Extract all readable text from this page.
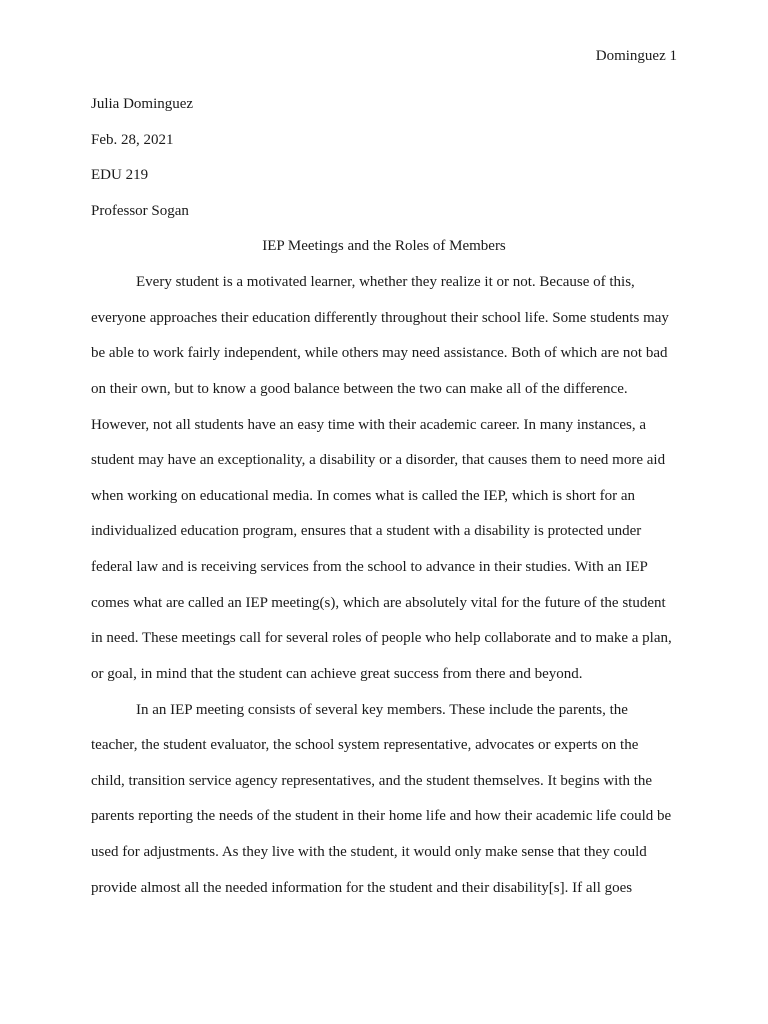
Dominguez 1
Julia Dominguez
Feb. 28, 2021
EDU 219
Professor Sogan
IEP Meetings and the Roles of Members
Every student is a motivated learner, whether they realize it or not. Because of this,
everyone approaches their education differently throughout their school life. Some students may
be able to work fairly independent, while others may need assistance. Both of which are not bad
on their own, but to know a good balance between the two can make all of the difference.
However, not all students have an easy time with their academic career. In many instances, a
student may have an exceptionality, a disability or a disorder, that causes them to need more aid
when working on educational media. In comes what is called the IEP, which is short for an
individualized education program, ensures that a student with a disability is protected under
federal law and is receiving services from the school to advance in their studies. With an IEP
comes what are called an IEP meeting(s), which are absolutely vital for the future of the student
in need. These meetings call for several roles of people who help collaborate and to make a plan,
or goal, in mind that the student can achieve great success from there and beyond.
In an IEP meeting consists of several key members. These include the parents, the
teacher, the student evaluator, the school system representative, advocates or experts on the
child, transition service agency representatives, and the student themselves. It begins with the
parents reporting the needs of the student in their home life and how their academic life could be
used for adjustments. As they live with the student, it would only make sense that they could
provide almost all the needed information for the student and their disability[s]. If all goes
